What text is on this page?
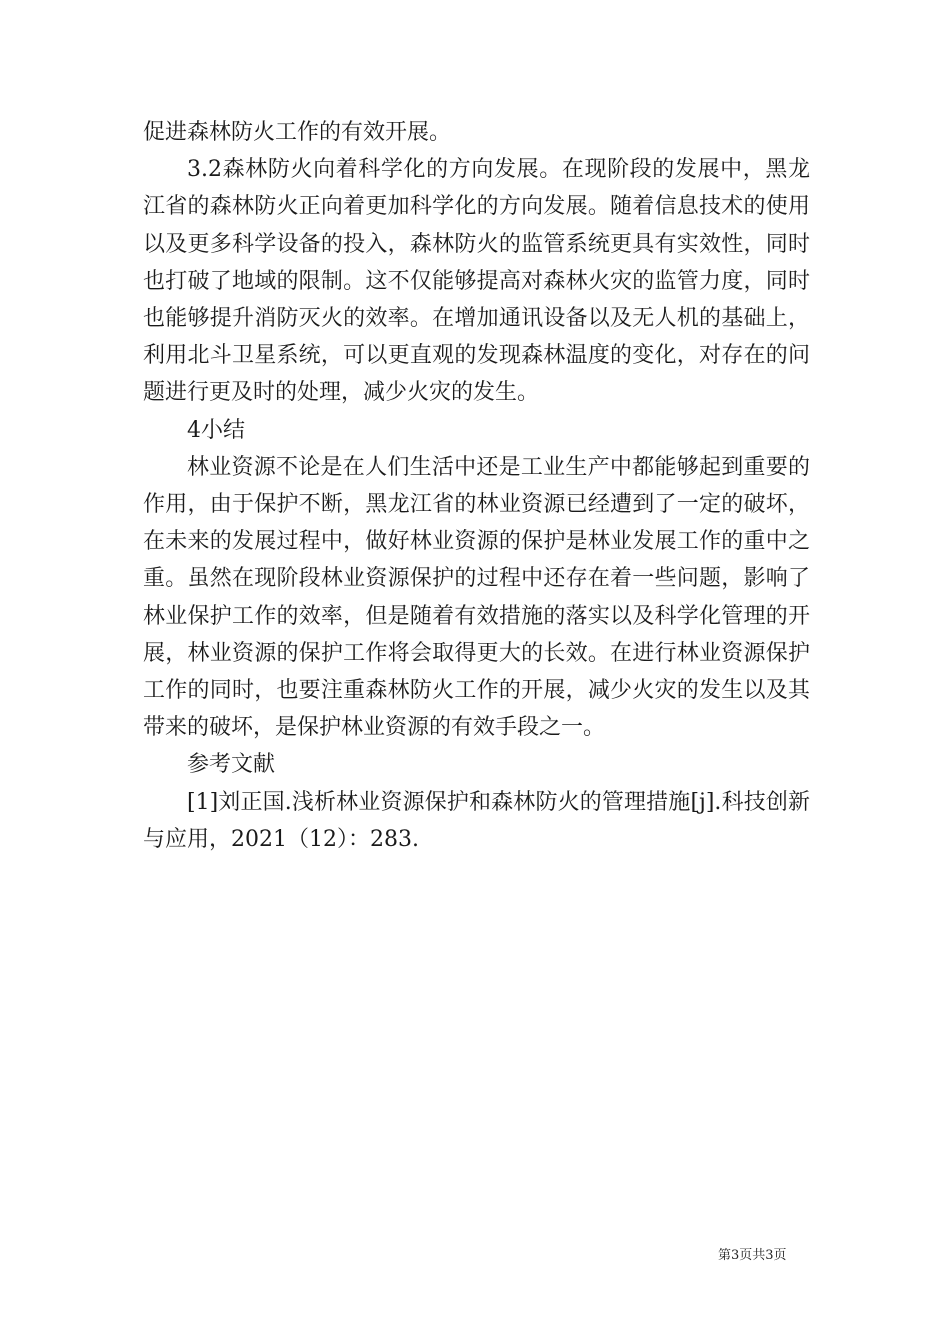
促进森林防火工作的有效开展。

3.2森林防火向着科学化的方向发展。在现阶段的发展中，黑龙江省的森林防火正向着更加科学化的方向发展。随着信息技术的使用以及更多科学设备的投入，森林防火的监管系统更具有实效性，同时也打破了地域的限制。这不仅能够提高对森林火灾的监管力度，同时也能够提升消防灭火的效率。在增加通讯设备以及无人机的基础上，利用北斗卫星系统，可以更直观的发现森林温度的变化，对存在的问题进行更及时的处理，减少火灾的发生。

4小结

林业资源不论是在人们生活中还是工业生产中都能够起到重要的作用，由于保护不断，黑龙江省的林业资源已经遭到了一定的破坏，在未来的发展过程中，做好林业资源的保护是林业发展工作的重中之重。虽然在现阶段林业资源保护的过程中还存在着一些问题，影响了林业保护工作的效率，但是随着有效措施的落实以及科学化管理的开展，林业资源的保护工作将会取得更大的长效。在进行林业资源保护工作的同时，也要注重森林防火工作的开展，减少火灾的发生以及其带来的破坏，是保护林业资源的有效手段之一。

参考文献

[1]刘正国.浅析林业资源保护和森林防火的管理措施[j].科技创新与应用，2021（12）：283.

第3页共3页
